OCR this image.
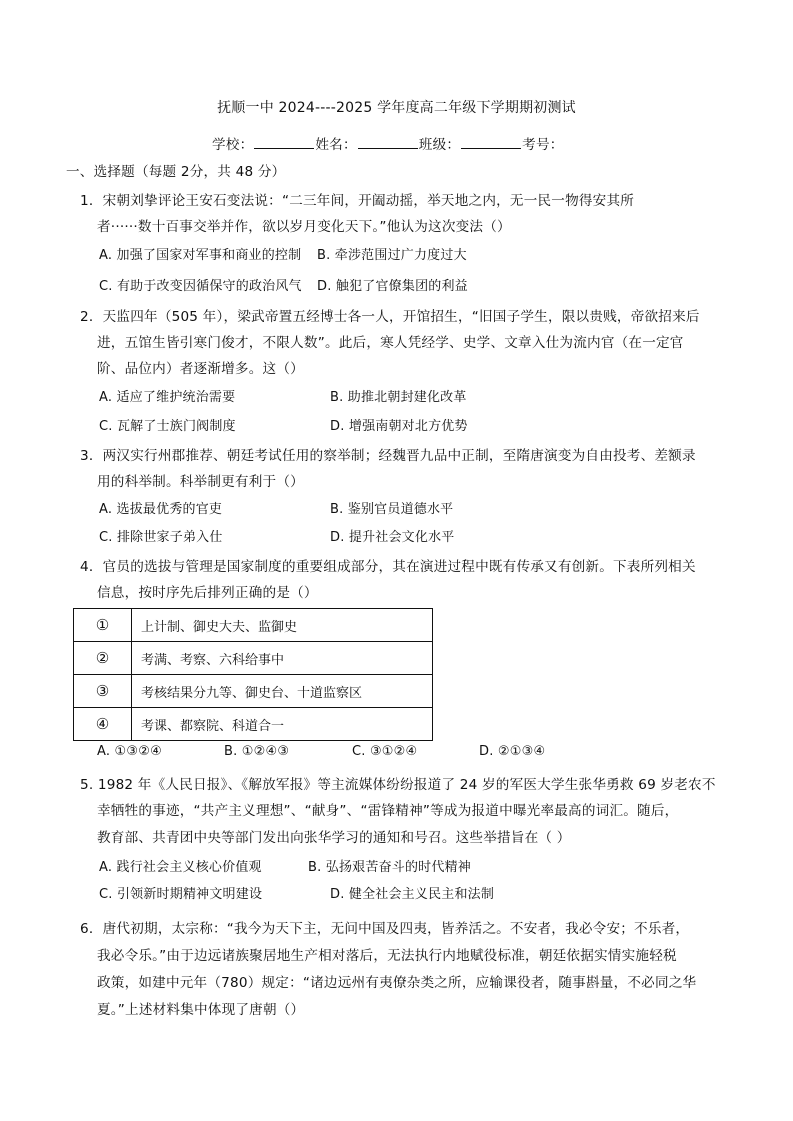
抚顺一中 2024----2025 学年度高二年级下学期期初测试
学校：	姓名：	班级：	考号：
一、选择题（每题 2分，共 48 分）
1．宋朝刘挚评论王安石变法说：“二三年间，开阖动摇，举天地之内，无一民一物得安其所
者······数十百事交举并作，欲以岁月变化天下。”他认为这次变法（）
A. 加强了国家对军事和商业的控制 B. 牵涉范围过广力度过大
C. 有助于改变因循保守的政治风气 D. 触犯了官僚集团的利益
2．天监四年（505 年），梁武帝置五经博士各一人，开馆招生，“旧国子学生，限以贵贱，帝欲招来后
进，五馆生皆引寒门俊才，不限人数”。此后，寒人凭经学、史学、文章入仕为流内官（在一定官
阶、品位内）者逐渐增多。这（）
A. 适应了维护统治需要	B. 助推北朝封建化改革
C. 瓦解了士族门阀制度	D. 增强南朝对北方优势
3．两汉实行州郡推荐、朝廷考试任用的察举制；经魏晋九品中正制，至隋唐演变为自由投考、差额录
用的科举制。科举制更有利于（）
A. 选拔最优秀的官吏	B. 鉴别官员道德水平
C. 排除世家子弟入仕	D. 提升社会文化水平
4．官员的选拔与管理是国家制度的重要组成部分，其在演进过程中既有传承又有创新。下表所列相关
信息，按时序先后排列正确的是（）
①	上计制、御史大夫、监御史
②	考满、考察、六科给事中
③	考核结果分九等、御史台、十道监察区
④	考课、都察院、科道合一
A. ①③②④	B. ①②④③	C. ③①②④	D. ②①③④
5. 1982 年《人民日报》、《解放军报》等主流媒体纷纷报道了 24 岁的军医大学生张华勇救 69 岁老农不
幸牺牲的事迹，“共产主义理想”、“献身”、“雷锋精神”等成为报道中曝光率最高的词汇。随后，
教育部、共青团中央等部门发出向张华学习的通知和号召。这些举措旨在（ ）
A. 践行社会主义核心价值观	B. 弘扬艰苦奋斗的时代精神
C. 引领新时期精神文明建设	D. 健全社会主义民主和法制
6．唐代初期，太宗称：“我今为天下主，无问中国及四夷，皆养活之。不安者，我必令安；不乐者，
我必令乐。”由于边远诸族聚居地生产相对落后，无法执行内地赋役标准，朝廷依据实情实施轻税
政策，如建中元年（780）规定：“诸边远州有夷僚杂类之所，应输课役者，随事斟量，不必同之华
夏。”上述材料集中体现了唐朝（）
